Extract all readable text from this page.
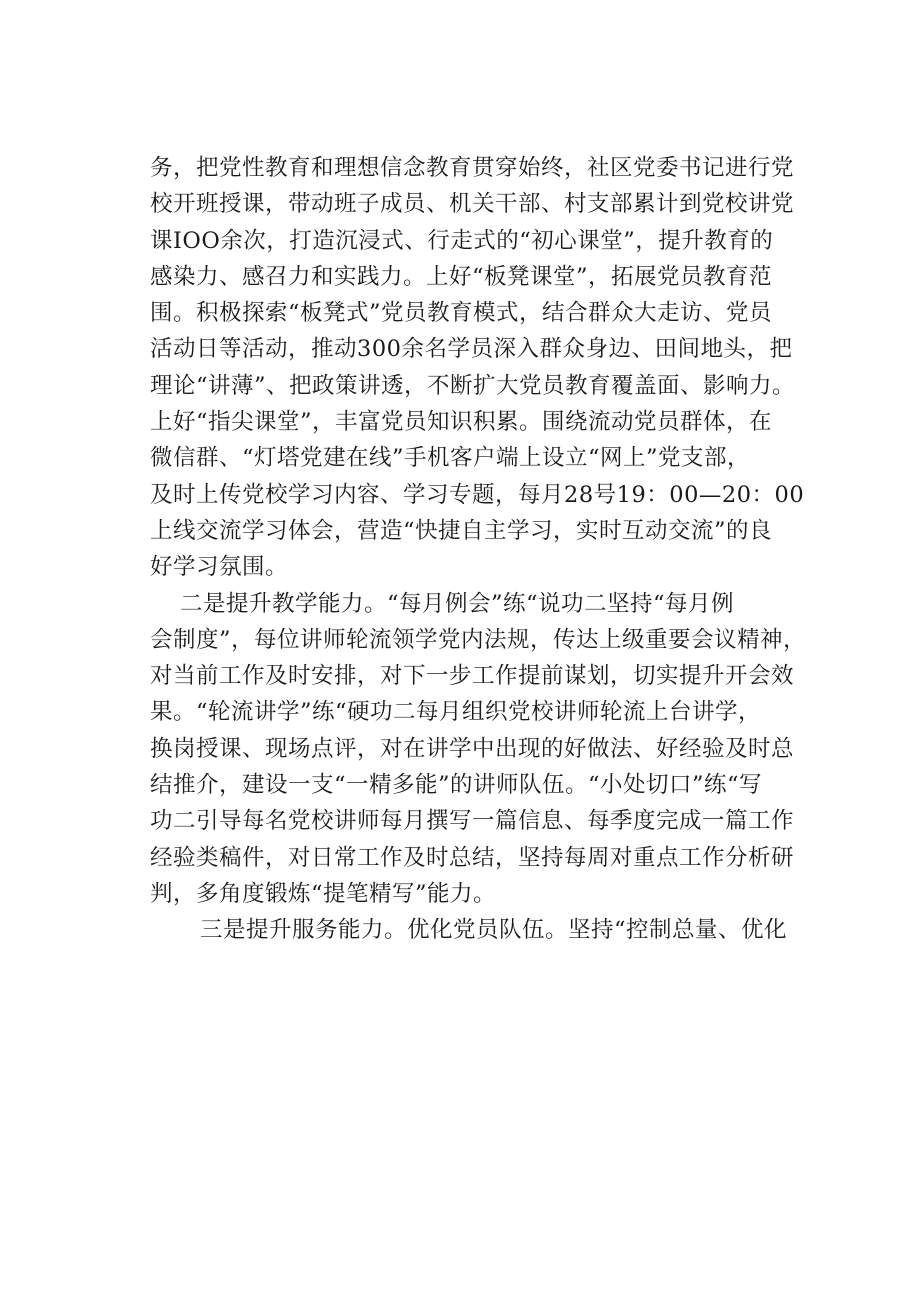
务，把党性教育和理想信念教育贯穿始终，社区党委书记进行党
校开班授课，带动班子成员、机关干部、村支部累计到党校讲党
课IOO余次，打造沉浸式、行走式的“初心课堂”，提升教育的
感染力、感召力和实践力。上好“板凳课堂”，拓展党员教育范
围。积极探索“板凳式”党员教育模式，结合群众大走访、党员
活动日等活动，推动300余名学员深入群众身边、田间地头，把
理论“讲薄”、把政策讲透，不断扩大党员教育覆盖面、影响力。
上好“指尖课堂”，丰富党员知识积累。围绕流动党员群体，在
微信群、“灯塔党建在线”手机客户端上设立“网上”党支部，
及时上传党校学习内容、学习专题，每月28号19：00—20：00
上线交流学习体会，营造“快捷自主学习，实时互动交流”的良
好学习氛围。
二是提升教学能力。“每月例会”练“说功二坚持“每月例
会制度”，每位讲师轮流领学党内法规，传达上级重要会议精神，
对当前工作及时安排，对下一步工作提前谋划，切实提升开会效
果。“轮流讲学”练“硬功二每月组织党校讲师轮流上台讲学，
换岗授课、现场点评，对在讲学中出现的好做法、好经验及时总
结推介，建设一支“一精多能”的讲师队伍。“小处切口”练“写
功二引导每名党校讲师每月撰写一篇信息、每季度完成一篇工作
经验类稿件，对日常工作及时总结，坚持每周对重点工作分析研
判，多角度锻炼“提笔精写”能力。
三是提升服务能力。优化党员队伍。坚持“控制总量、优化
